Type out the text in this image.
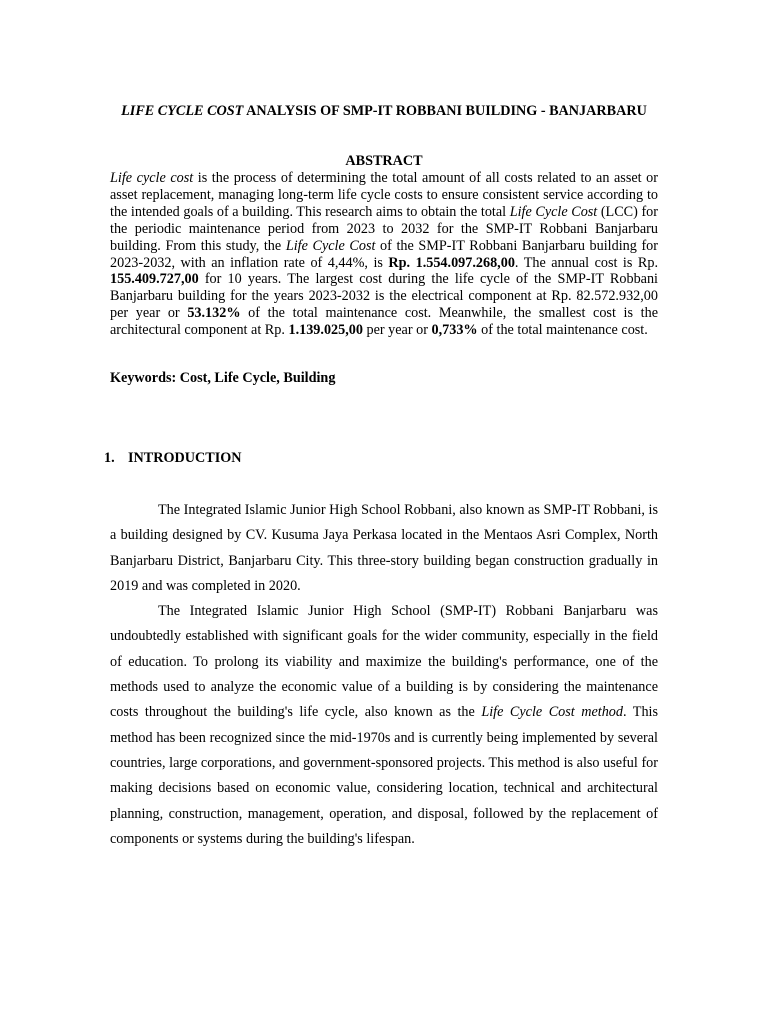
LIFE CYCLE COST ANALYSIS OF SMP-IT ROBBANI BUILDING - BANJARBARU
ABSTRACT

Life cycle cost is the process of determining the total amount of all costs related to an asset or asset replacement, managing long-term life cycle costs to ensure consistent service according to the intended goals of a building. This research aims to obtain the total Life Cycle Cost (LCC) for the periodic maintenance period from 2023 to 2032 for the SMP-IT Robbani Banjarbaru building. From this study, the Life Cycle Cost of the SMP-IT Robbani Banjarbaru building for 2023-2032, with an inflation rate of 4,44%, is Rp. 1.554.097.268,00. The annual cost is Rp. 155.409.727,00 for 10 years. The largest cost during the life cycle of the SMP-IT Robbani Banjarbaru building for the years 2023-2032 is the electrical component at Rp. 82.572.932,00 per year or 53.132% of the total maintenance cost. Meanwhile, the smallest cost is the architectural component at Rp. 1.139.025,00 per year or 0,733% of the total maintenance cost.

Keywords: Cost, Life Cycle, Building

1. INTRODUCTION

The Integrated Islamic Junior High School Robbani, also known as SMP-IT Robbani, is a building designed by CV. Kusuma Jaya Perkasa located in the Mentaos Asri Complex, North Banjarbaru District, Banjarbaru City. This three-story building began construction gradually in 2019 and was completed in 2020.

The Integrated Islamic Junior High School (SMP-IT) Robbani Banjarbaru was undoubtedly established with significant goals for the wider community, especially in the field of education. To prolong its viability and maximize the building's performance, one of the methods used to analyze the economic value of a building is by considering the maintenance costs throughout the building's life cycle, also known as the Life Cycle Cost method. This method has been recognized since the mid-1970s and is currently being implemented by several countries, large corporations, and government-sponsored projects. This method is also useful for making decisions based on economic value, considering location, technical and architectural planning, construction, management, operation, and disposal, followed by the replacement of components or systems during the building's lifespan.
